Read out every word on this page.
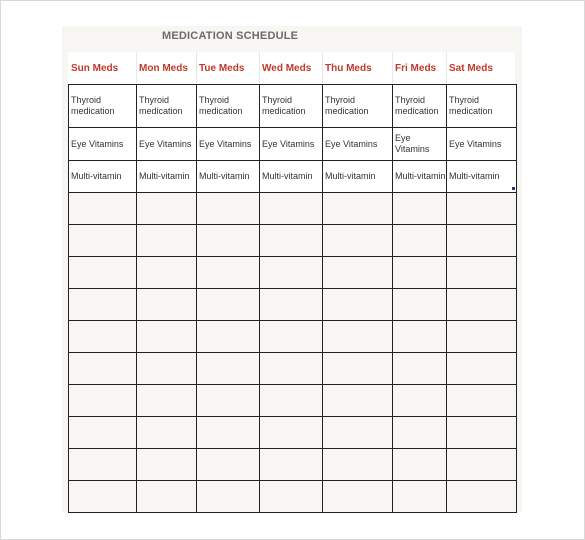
MEDICATION SCHEDULE
Sun Meds	Mon Meds	Tue Meds	Wed Meds	Thu Meds	Fri Meds	Sat Meds
Thyroid medication	Thyroid medication	Thyroid medication	Thyroid medication	Thyroid medication	Thyroid medication	Thyroid medication
Eye Vitamins	Eye Vitamins	Eye Vitamins	Eye Vitamins	Eye Vitamins	Eye Vitamins	Eye Vitamins
Multi-vitamin	Multi-vitamin	Multi-vitamin	Multi-vitamin	Multi-vitamin	Multi-vitamin	Multi-vitamin
